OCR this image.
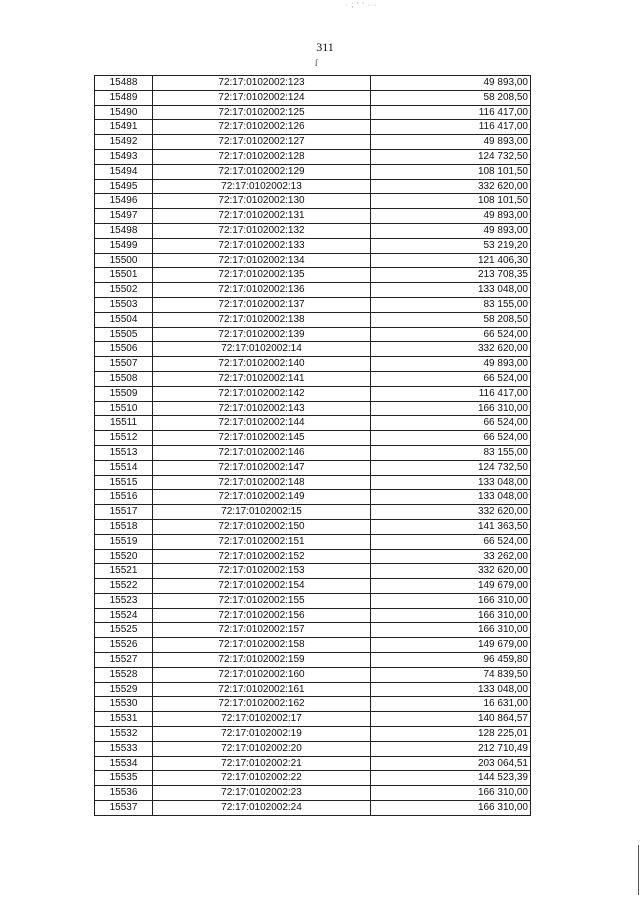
· ; ' ' · ·
311
ſ
15488	72:17:0102002:123	49 893,00
15489	72:17:0102002:124	58 208,50
15490	72:17:0102002:125	116 417,00
15491	72:17:0102002:126	116 417,00
15492	72:17:0102002:127	49 893,00
15493	72:17:0102002:128	124 732,50
15494	72:17:0102002:129	108 101,50
15495	72:17:0102002:13	332 620,00
15496	72:17:0102002:130	108 101,50
15497	72:17:0102002:131	49 893,00
15498	72:17:0102002:132	49 893,00
15499	72:17:0102002:133	53 219,20
15500	72:17:0102002:134	121 406,30
15501	72:17:0102002:135	213 708,35
15502	72:17:0102002:136	133 048,00
15503	72:17:0102002:137	83 155,00
15504	72:17:0102002:138	58 208,50
15505	72:17:0102002:139	66 524,00
15506	72:17:0102002:14	332 620,00
15507	72:17:0102002:140	49 893,00
15508	72:17:0102002:141	66 524,00
15509	72:17:0102002:142	116 417,00
15510	72:17:0102002:143	166 310,00
15511	72:17:0102002:144	66 524,00
15512	72:17:0102002:145	66 524,00
15513	72:17:0102002:146	83 155,00
15514	72:17:0102002:147	124 732,50
15515	72:17:0102002:148	133 048,00
15516	72:17:0102002:149	133 048,00
15517	72:17:0102002:15	332 620,00
15518	72:17:0102002:150	141 363,50
15519	72:17:0102002:151	66 524,00
15520	72:17:0102002:152	33 262,00
15521	72:17:0102002:153	332 620,00
15522	72:17:0102002:154	149 679,00
15523	72:17:0102002:155	166 310,00
15524	72:17:0102002:156	166 310,00
15525	72:17:0102002:157	166 310,00
15526	72:17:0102002:158	149 679,00
15527	72:17:0102002:159	96 459,80
15528	72:17:0102002:160	74 839,50
15529	72:17:0102002:161	133 048,00
15530	72:17:0102002:162	16 631,00
15531	72:17:0102002:17	140 864,57
15532	72:17:0102002:19	128 225,01
15533	72:17:0102002:20	212 710,49
15534	72:17:0102002:21	203 064,51
15535	72:17:0102002:22	144 523,39
15536	72:17:0102002:23	166 310,00
15537	72:17:0102002:24	166 310,00
